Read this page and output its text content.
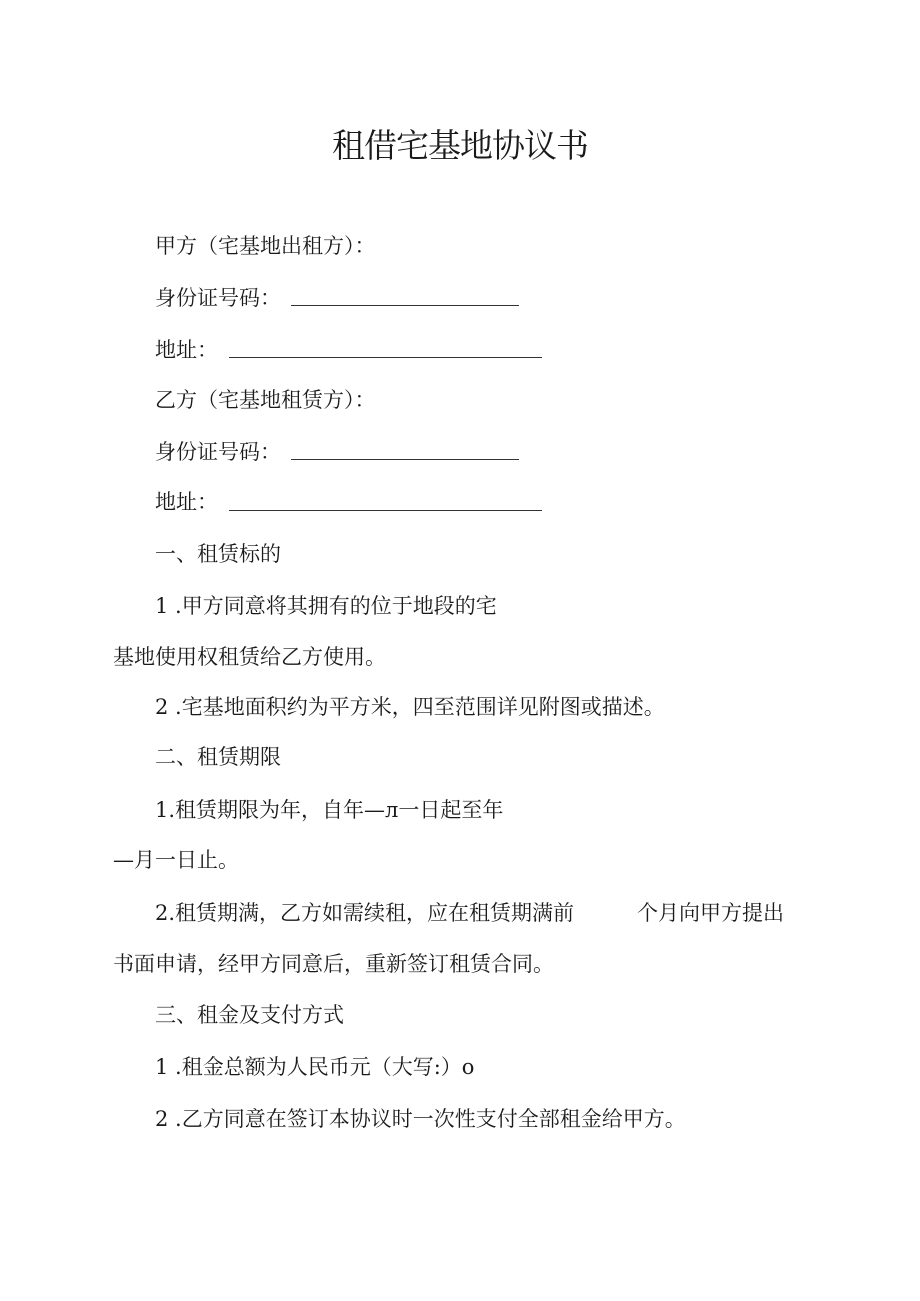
租借宅基地协议书
甲方（宅基地出租方）：
身份证号码：
地址：
乙方（宅基地租赁方）：
身份证号码：
地址：
一、租赁标的
1 .甲方同意将其拥有的位于地段的宅
基地使用权租赁给乙方使用。
2 .宅基地面积约为平方米，四至范围详见附图或描述。
二、租赁期限
1.租赁期限为年，自年—л一日起至年
—月一日止。
2.租赁期满，乙方如需续租，应在租赁期满前	个月向甲方提出
书面申请，经甲方同意后，重新签订租赁合同。
三、租金及支付方式
1 .租金总额为人民币元（大写:）o
2 .乙方同意在签订本协议时一次性支付全部租金给甲方。
